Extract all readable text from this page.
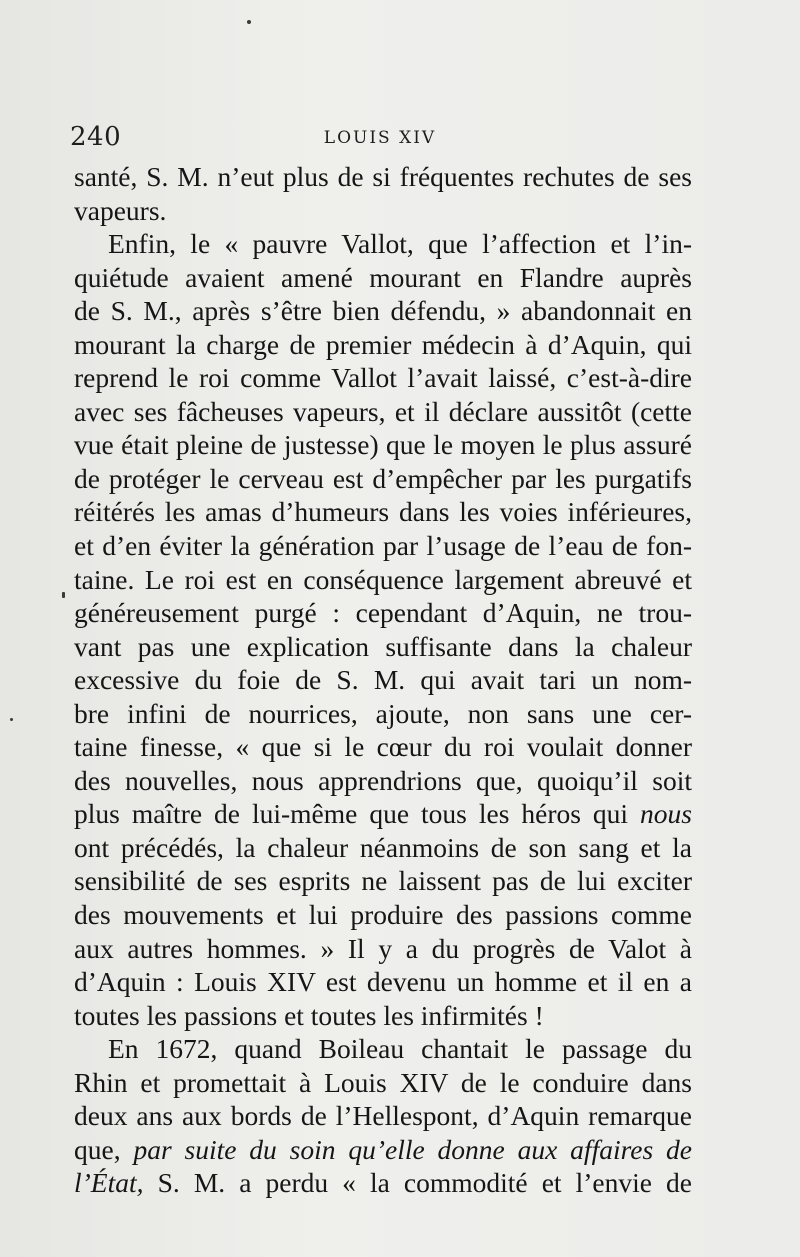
240	LOUIS XIV
santé, S. M. n’eut plus de si fréquentes rechutes de ses
vapeurs.
Enfin, le « pauvre Vallot, que l’affection et l’in-
quiétude avaient amené mourant en Flandre auprès
de S. M., après s’être bien défendu, » abandonnait en
mourant la charge de premier médecin à d’Aquin, qui
reprend le roi comme Vallot l’avait laissé, c’est-à-dire
avec ses fâcheuses vapeurs, et il déclare aussitôt (cette
vue était pleine de justesse) que le moyen le plus assuré
de protéger le cerveau est d’empêcher par les purgatifs
réitérés les amas d’humeurs dans les voies inférieures,
et d’en éviter la génération par l’usage de l’eau de fon-
taine. Le roi est en conséquence largement abreuvé et
généreusement purgé : cependant d’Aquin, ne trou-
vant pas une explication suffisante dans la chaleur
excessive du foie de S. M. qui avait tari un nom-
bre infini de nourrices, ajoute, non sans une cer-
taine finesse, « que si le cœur du roi voulait donner
des nouvelles, nous apprendrions que, quoiqu’il soit
plus maître de lui-même que tous les héros qui nous
ont précédés, la chaleur néanmoins de son sang et la
sensibilité de ses esprits ne laissent pas de lui exciter
des mouvements et lui produire des passions comme
aux autres hommes. » Il y a du progrès de Valot à
d’Aquin : Louis XIV est devenu un homme et il en a
toutes les passions et toutes les infirmités !
En 1672, quand Boileau chantait le passage du
Rhin et promettait à Louis XIV de le conduire dans
deux ans aux bords de l’Hellespont, d’Aquin remarque
que, par suite du soin qu’elle donne aux affaires de
l’État, S. M. a perdu « la commodité et l’envie de
